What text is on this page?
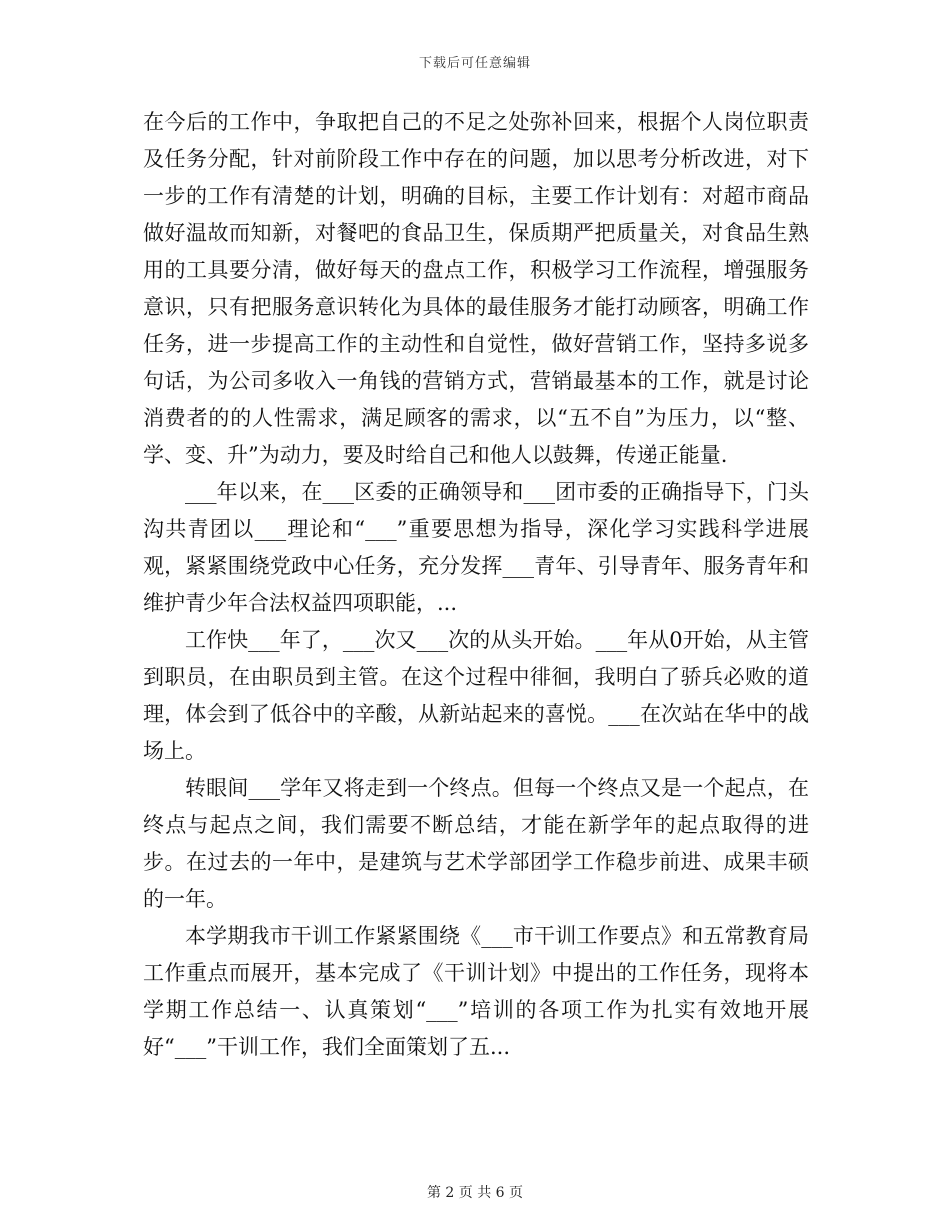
下载后可任意编辑

在今后的工作中，争取把自己的不足之处弥补回来，根据个人岗位职责及任务分配，针对前阶段工作中存在的问题，加以思考分析改进，对下一步的工作有清楚的计划，明确的目标，主要工作计划有：对超市商品做好温故而知新，对餐吧的食品卫生，保质期严把质量关，对食品生熟用的工具要分清，做好每天的盘点工作，积极学习工作流程，增强服务意识，只有把服务意识转化为具体的最佳服务才能打动顾客，明确工作任务，进一步提高工作的主动性和自觉性，做好营销工作，坚持多说多句话，为公司多收入一角钱的营销方式，营销最基本的工作，就是讨论消费者的的人性需求，满足顾客的需求，以“五不自”为压力，以“整、学、变、升”为动力，要及时给自己和他人以鼓舞，传递正能量.

___年以来，在___区委的正确领导和___团市委的正确指导下，门头沟共青团以___理论和“___”重要思想为指导，深化学习实践科学进展观，紧紧围绕党政中心任务，充分发挥___青年、引导青年、服务青年和维护青少年合法权益四项职能，...

工作快___年了，___次又___次的从头开始。___年从0开始，从主管到职员，在由职员到主管。在这个过程中徘徊，我明白了骄兵必败的道理，体会到了低谷中的辛酸，从新站起来的喜悦。___在次站在华中的战场上。

转眼间___学年又将走到一个终点。但每一个终点又是一个起点，在终点与起点之间，我们需要不断总结，才能在新学年的起点取得的进步。在过去的一年中，是建筑与艺术学部团学工作稳步前进、成果丰硕的一年。

本学期我市干训工作紧紧围绕《___市干训工作要点》和五常教育局工作重点而展开，基本完成了《干训计划》中提出的工作任务，现将本学期工作总结一、认真策划“___”培训的各项工作为扎实有效地开展好“___”干训工作，我们全面策划了五...

第 2 页 共 6 页
